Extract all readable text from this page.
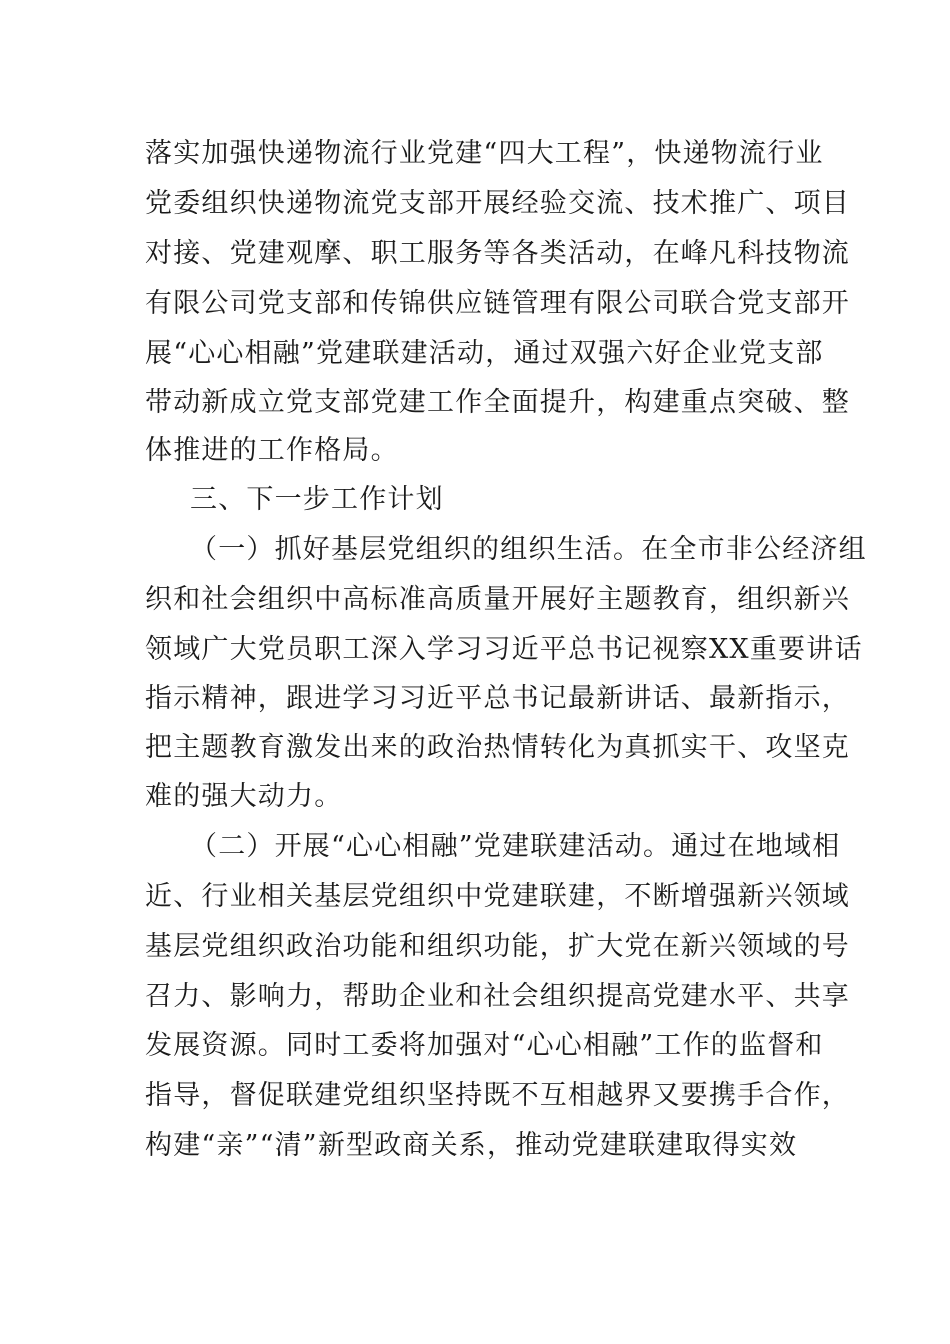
落实加强快递物流行业党建“四大工程”，快递物流行业
党委组织快递物流党支部开展经验交流、技术推广、项目
对接、党建观摩、职工服务等各类活动，在峰凡科技物流
有限公司党支部和传锦供应链管理有限公司联合党支部开
展“心心相融”党建联建活动，通过双强六好企业党支部
带动新成立党支部党建工作全面提升，构建重点突破、整
体推进的工作格局。
三、下一步工作计划
（一）抓好基层党组织的组织生活。在全市非公经济组
织和社会组织中高标准高质量开展好主题教育，组织新兴
领域广大党员职工深入学习习近平总书记视察XX重要讲话
指示精神，跟进学习习近平总书记最新讲话、最新指示，
把主题教育激发出来的政治热情转化为真抓实干、攻坚克
难的强大动力。
（二）开展“心心相融”党建联建活动。通过在地域相
近、行业相关基层党组织中党建联建，不断增强新兴领域
基层党组织政治功能和组织功能，扩大党在新兴领域的号
召力、影响力，帮助企业和社会组织提高党建水平、共享
发展资源。同时工委将加强对“心心相融”工作的监督和
指导，督促联建党组织坚持既不互相越界又要携手合作，
构建“亲”“清”新型政商关系，推动党建联建取得实效
